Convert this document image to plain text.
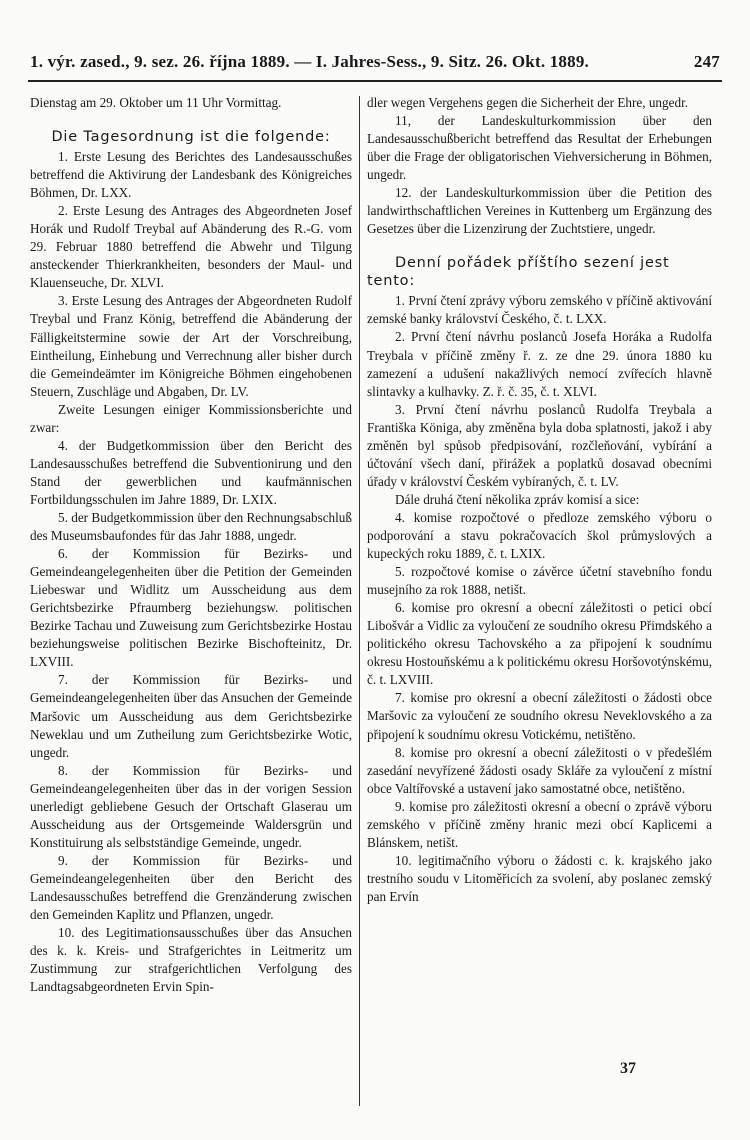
1. výr. zased., 9. sez. 26. října 1889. — I. Jahres-Sess., 9. Sitz. 26. Okt. 1889.	247

Dienstag am 29. Oktober um 11 Uhr Vormittag.

Die Tagesordnung ist die folgende:

1. Erste Lesung des Berichtes des Landesausschußes betreffend die Aktivirung der Landesbank des Königreiches Böhmen, Dr. LXX.

2. Erste Lesung des Antrages des Abgeordneten Josef Horák und Rudolf Treybal auf Abänderung des R.-G. vom 29. Februar 1880 betreffend die Abwehr und Tilgung ansteckender Thierkrankheiten, besonders der Maul- und Klauenseuche, Dr. XLVI.

3. Erste Lesung des Antrages der Abgeordneten Rudolf Treybal und Franz König, betreffend die Abänderung der Fälligkeitstermine sowie der Art der Vorschreibung, Eintheilung, Einhebung und Verrechnung aller bisher durch die Gemeindeämter im Königreiche Böhmen eingehobenen Steuern, Zuschläge und Abgaben, Dr. LV.

Zweite Lesungen einiger Kommissionsberichte und zwar:

4. der Budgetkommission über den Bericht des Landesausschußes betreffend die Subventionirung und den Stand der gewerblichen und kaufmännischen Fortbildungsschulen im Jahre 1889, Dr. LXIX.

5. der Budgetkommission über den Rechnungsabschluß des Museumsbaufondes für das Jahr 1888, ungedr.

6. der Kommission für Bezirks- und Gemeindeangelegenheiten über die Petition der Gemeinden Liebeswar und Widlitz um Ausscheidung aus dem Gerichtsbezirke Pfraumberg beziehungsw. politischen Bezirke Tachau und Zuweisung zum Gerichtsbezirke Hostau beziehungsweise politischen Bezirke Bischofteinitz, Dr. LXVIII.

7. der Kommission für Bezirks- und Gemeindeangelegenheiten über das Ansuchen der Gemeinde Maršovic um Ausscheidung aus dem Gerichtsbezirke Neweklau und um Zutheilung zum Gerichtsbezirke Wotic, ungedr.

8. der Kommission für Bezirks- und Gemeindeangelegenheiten über das in der vorigen Session unerledigt gebliebene Gesuch der Ortschaft Glaserau um Ausscheidung aus der Ortsgemeinde Waldersgrün und Konstituirung als selbstständige Gemeinde, ungedr.

9. der Kommission für Bezirks- und Gemeindeangelegenheiten über den Bericht des Landesausschußes betreffend die Grenzänderung zwischen den Gemeinden Kaplitz und Pflanzen, ungedr.

10. des Legitimationsausschußes über das Ansuchen des k. k. Kreis- und Strafgerichtes in Leitmeritz um Zustimmung zur strafgerichtlichen Verfolgung des Landtagsabgeordneten Ervin Spin-

dler wegen Vergehens gegen die Sicherheit der Ehre, ungedr.

11, der Landeskulturkommission über den Landesausschußbericht betreffend das Resultat der Erhebungen über die Frage der obligatorischen Viehversicherung in Böhmen, ungedr.

12. der Landeskulturkommission über die Petition des landwirthschaftlichen Vereines in Kuttenberg um Ergänzung des Gesetzes über die Lizenzirung der Zuchtstiere, ungedr.

Denní pořádek příštího sezení jest tento:

1. První čtení zprávy výboru zemského v příčině aktivování zemské banky království Českého, č. t. LXX.

2. První čtení návrhu poslanců Josefa Horáka a Rudolfa Treybala v příčině změny ř. z. ze dne 29. února 1880 ku zamezení a udušení nakažlivých nemocí zvířecích hlavně slintavky a kulhavky. Z. ř. č. 35, č. t. XLVI.

3. První čtení návrhu poslanců Rudolfa Treybala a Františka Königa, aby změněna byla doba splatnosti, jakož i aby změněn byl spůsob předpisování, rozčleňování, vybírání a účtování všech daní, přirážek a poplatků dosavad obecními úřady v království Českém vybíraných, č. t. LV.

Dále druhá čtení několika zpráv komisí a sice:

4. komise rozpočtové o předloze zemského výboru o podporování a stavu pokračovacích škol průmyslových a kupeckých roku 1889, č. t. LXIX.

5. rozpočtové komise o závěrce účetní stavebního fondu musejního za rok 1888, netišt.

6. komise pro okresní a obecní záležitosti o petici obcí Libošvár a Vidlic za vyloučení ze soudního okresu Přimdského a politického okresu Tachovského a za připojení k soudnímu okresu Hostouňskému a k politickému okresu Horšovotýnskému, č. t. LXVIII.

7. komise pro okresní a obecní záležitosti o žádosti obce Maršovic za vyloučení ze soudního okresu Neveklovského a za připojení k soudnímu okresu Votickému, netištěno.

8. komise pro okresní a obecní záležitosti o v předešlém zasedání nevyřízené žádosti osady Skláře za vyloučení z místní obce Valtířovské a ustavení jako samostatné obce, netištěno.

9. komise pro záležitosti okresní a obecní o zprávě výboru zemského v příčině změny hranic mezi obcí Kaplicemi a Blánskem, netišt.

10. legitimačního výboru o žádosti c. k. krajského jako trestního soudu v Litoměřicích za svolení, aby poslanec zemský pan Ervín

37
